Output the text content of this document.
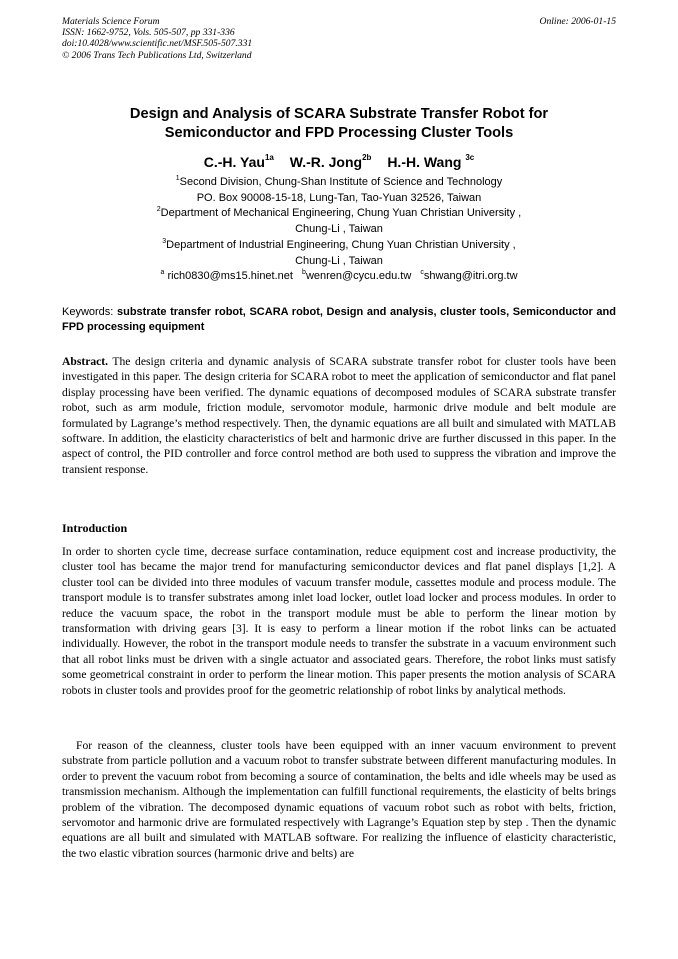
Materials Science Forum
ISSN: 1662-9752, Vols. 505-507, pp 331-336
doi:10.4028/www.scientific.net/MSF.505-507.331
© 2006 Trans Tech Publications Ltd, Switzerland
Online: 2006-01-15
Design and Analysis of SCARA Substrate Transfer Robot for
Semiconductor and FPD Processing Cluster Tools
C.-H. Yau$^{1a}$ W.-R. Jong$^{2b}$ H.-H. Wang $^{3c}$
$^1$Second Division, Chung-Shan Institute of Science and Technology
PO. Box 90008-15-18, Lung-Tan, Tao-Yuan 32526, Taiwan
$^2$Department of Mechanical Engineering, Chung Yuan Christian University ,
Chung-Li , Taiwan
$^3$Department of Industrial Engineering, Chung Yuan Christian University ,
Chung-Li , Taiwan
$^a$ rich0830@ms15.hinet.net $^b$wenren@cycu.edu.tw $^c$shwang@itri.org.tw
Keywords: substrate transfer robot, SCARA robot, Design and analysis, cluster tools, Semiconductor and FPD processing equipment

Abstract. The design criteria and dynamic analysis of SCARA substrate transfer robot for cluster tools have been investigated in this paper. The design criteria for SCARA robot to meet the application of semiconductor and flat panel display processing have been verified. The dynamic equations of decomposed modules of SCARA substrate transfer robot, such as arm module, friction module, servomotor module, harmonic drive module and belt module are formulated by Lagrange’s method respectively. Then, the dynamic equations are all built and simulated with MATLAB software. In addition, the elasticity characteristics of belt and harmonic drive are further discussed in this paper. In the aspect of control, the PID controller and force control method are both used to suppress the vibration and improve the transient response.

Introduction

In order to shorten cycle time, decrease surface contamination, reduce equipment cost and increase productivity, the cluster tool has became the major trend for manufacturing semiconductor devices and flat panel displays [1,2]. A cluster tool can be divided into three modules of vacuum transfer module, cassettes module and process module. The transport module is to transfer substrates among inlet load locker, outlet load locker and process modules. In order to reduce the vacuum space, the robot in the transport module must be able to perform the linear motion by transformation with driving gears [3]. It is easy to perform a linear motion if the robot links can be actuated individually. However, the robot in the transport module needs to transfer the substrate in a vacuum environment such that all robot links must be driven with a single actuator and associated gears. Therefore, the robot links must satisfy some geometrical constraint in order to perform the linear motion. This paper presents the motion analysis of SCARA robots in cluster tools and provides proof for the geometric relationship of robot links by analytical methods.

For reason of the cleanness, cluster tools have been equipped with an inner vacuum environment to prevent substrate from particle pollution and a vacuum robot to transfer substrate between different manufacturing modules. In order to prevent the vacuum robot from becoming a source of contamination, the belts and idle wheels may be used as transmission mechanism. Although the implementation can fulfill functional requirements, the elasticity of belts brings problem of the vibration. The decomposed dynamic equations of vacuum robot such as robot with belts, friction, servomotor and harmonic drive are formulated respectively with Lagrange’s Equation step by step . Then the dynamic equations are all built and simulated with MATLAB software. For realizing the influence of elasticity characteristic, the two elastic vibration sources (harmonic drive and belts) are
